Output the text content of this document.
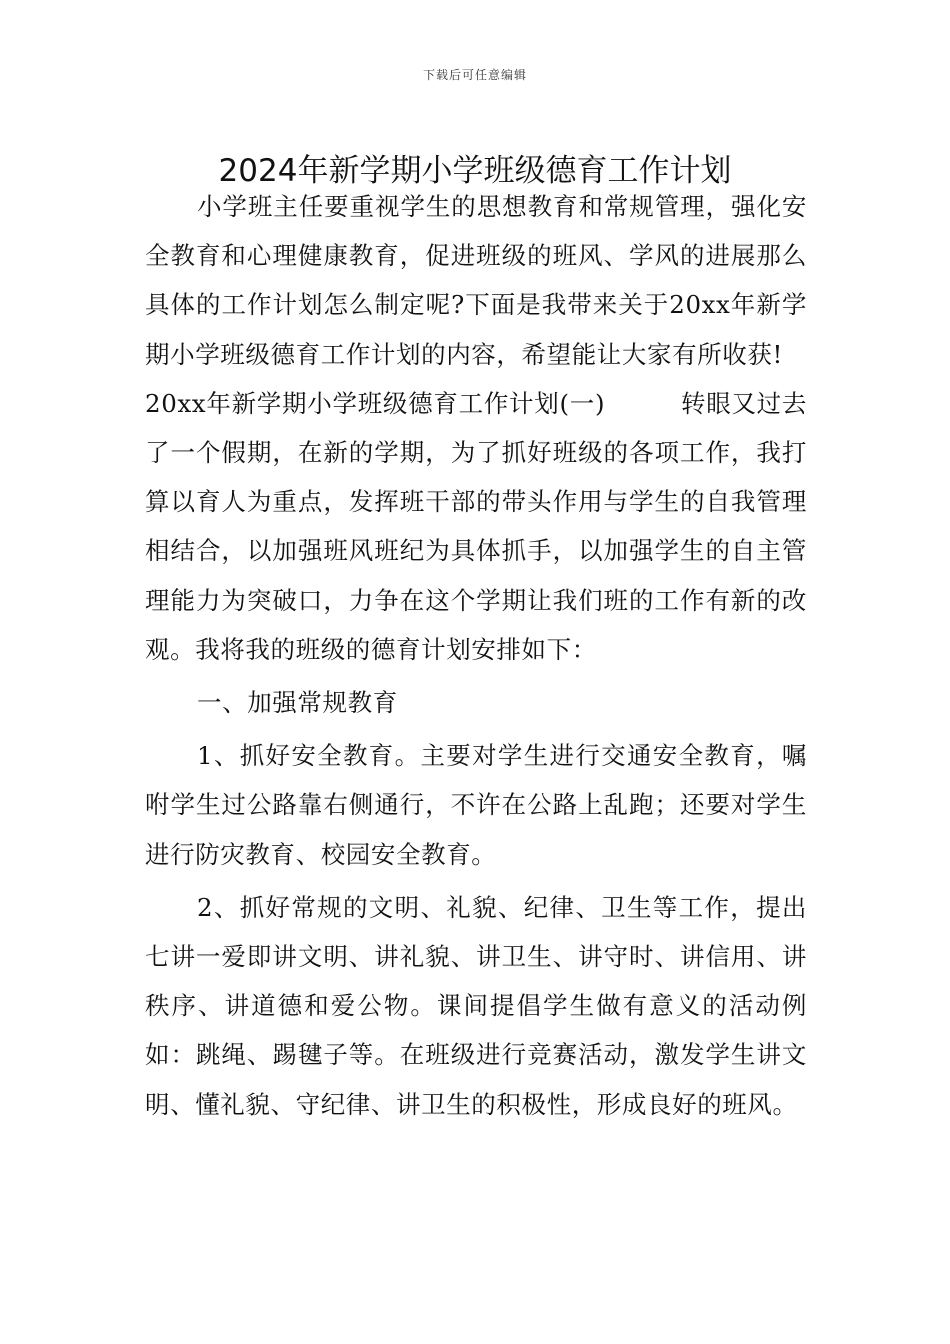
下载后可任意编辑
2024年新学期小学班级德育工作计划

小学班主任要重视学生的思想教育和常规管理，强化安全教育和心理健康教育，促进班级的班风、学风的进展那么具体的工作计划怎么制定呢?下面是我带来关于20xx年新学期小学班级德育工作计划的内容，希望能让大家有所收获!

20xx年新学期小学班级德育工作计划(一)　　　转眼又过去了一个假期，在新的学期，为了抓好班级的各项工作，我打算以育人为重点，发挥班干部的带头作用与学生的自我管理相结合，以加强班风班纪为具体抓手，以加强学生的自主管理能力为突破口，力争在这个学期让我们班的工作有新的改观。我将我的班级的德育计划安排如下：

一、加强常规教育

1、抓好安全教育。主要对学生进行交通安全教育，嘱咐学生过公路靠右侧通行，不许在公路上乱跑；还要对学生进行防灾教育、校园安全教育。

2、抓好常规的文明、礼貌、纪律、卫生等工作，提出七讲一爱即讲文明、讲礼貌、讲卫生、讲守时、讲信用、讲秩序、讲道德和爱公物。课间提倡学生做有意义的活动例如：跳绳、踢毽子等。在班级进行竞赛活动，激发学生讲文明、懂礼貌、守纪律、讲卫生的积极性，形成良好的班风。
